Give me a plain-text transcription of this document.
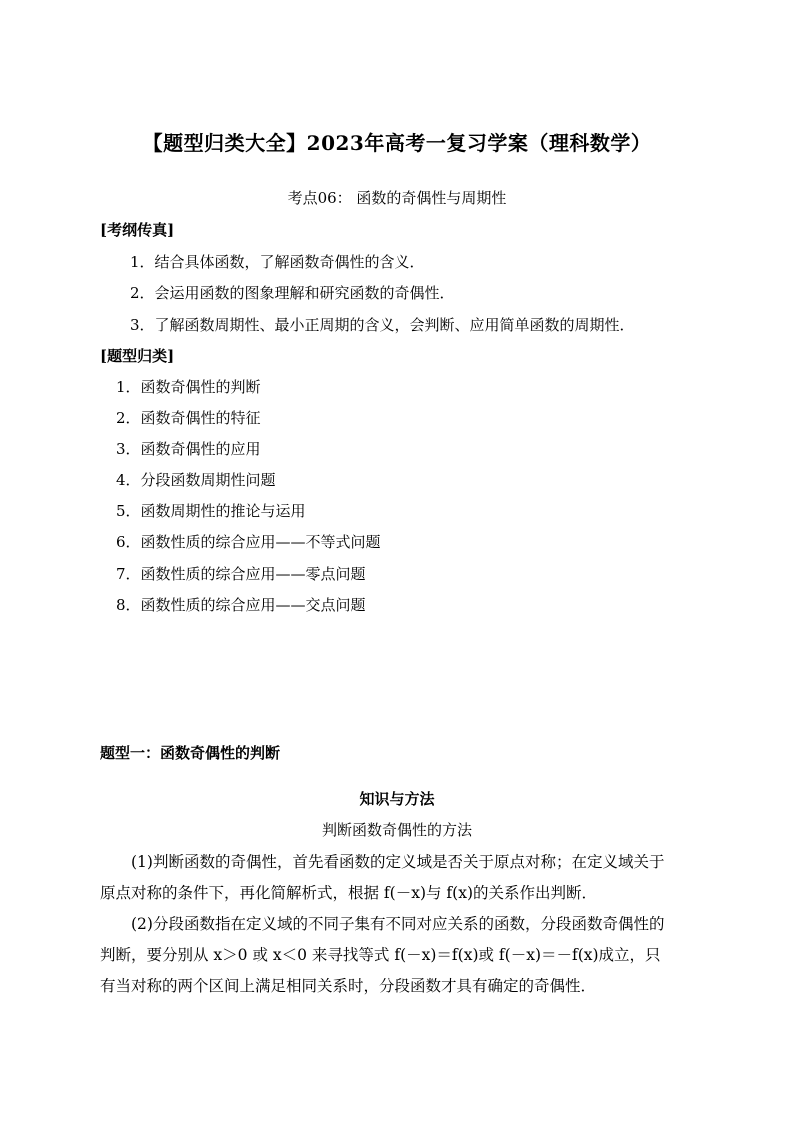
【题型归类大全】2023年高考一复习学案（理科数学）
考点06： 函数的奇偶性与周期性
[考纲传真]
1．结合具体函数，了解函数奇偶性的含义．
2．会运用函数的图象理解和研究函数的奇偶性．
3．了解函数周期性、最小正周期的含义，会判断、应用简单函数的周期性．
[题型归类]
1．函数奇偶性的判断
2．函数奇偶性的特征
3．函数奇偶性的应用
4．分段函数周期性问题
5．函数周期性的推论与运用
6．函数性质的综合应用——不等式问题
7．函数性质的综合应用——零点问题
8．函数性质的综合应用——交点问题
题型一：函数奇偶性的判断
知识与方法
判断函数奇偶性的方法
(1)判断函数的奇偶性，首先看函数的定义域是否关于原点对称；在定义域关于
原点对称的条件下，再化简解析式，根据 f(－x)与 f(x)的关系作出判断．
(2)分段函数指在定义域的不同子集有不同对应关系的函数，分段函数奇偶性的
判断，要分别从 x＞0 或 x＜0 来寻找等式 f(－x)＝f(x)或 f(－x)＝－f(x)成立，只
有当对称的两个区间上满足相同关系时，分段函数才具有确定的奇偶性．
